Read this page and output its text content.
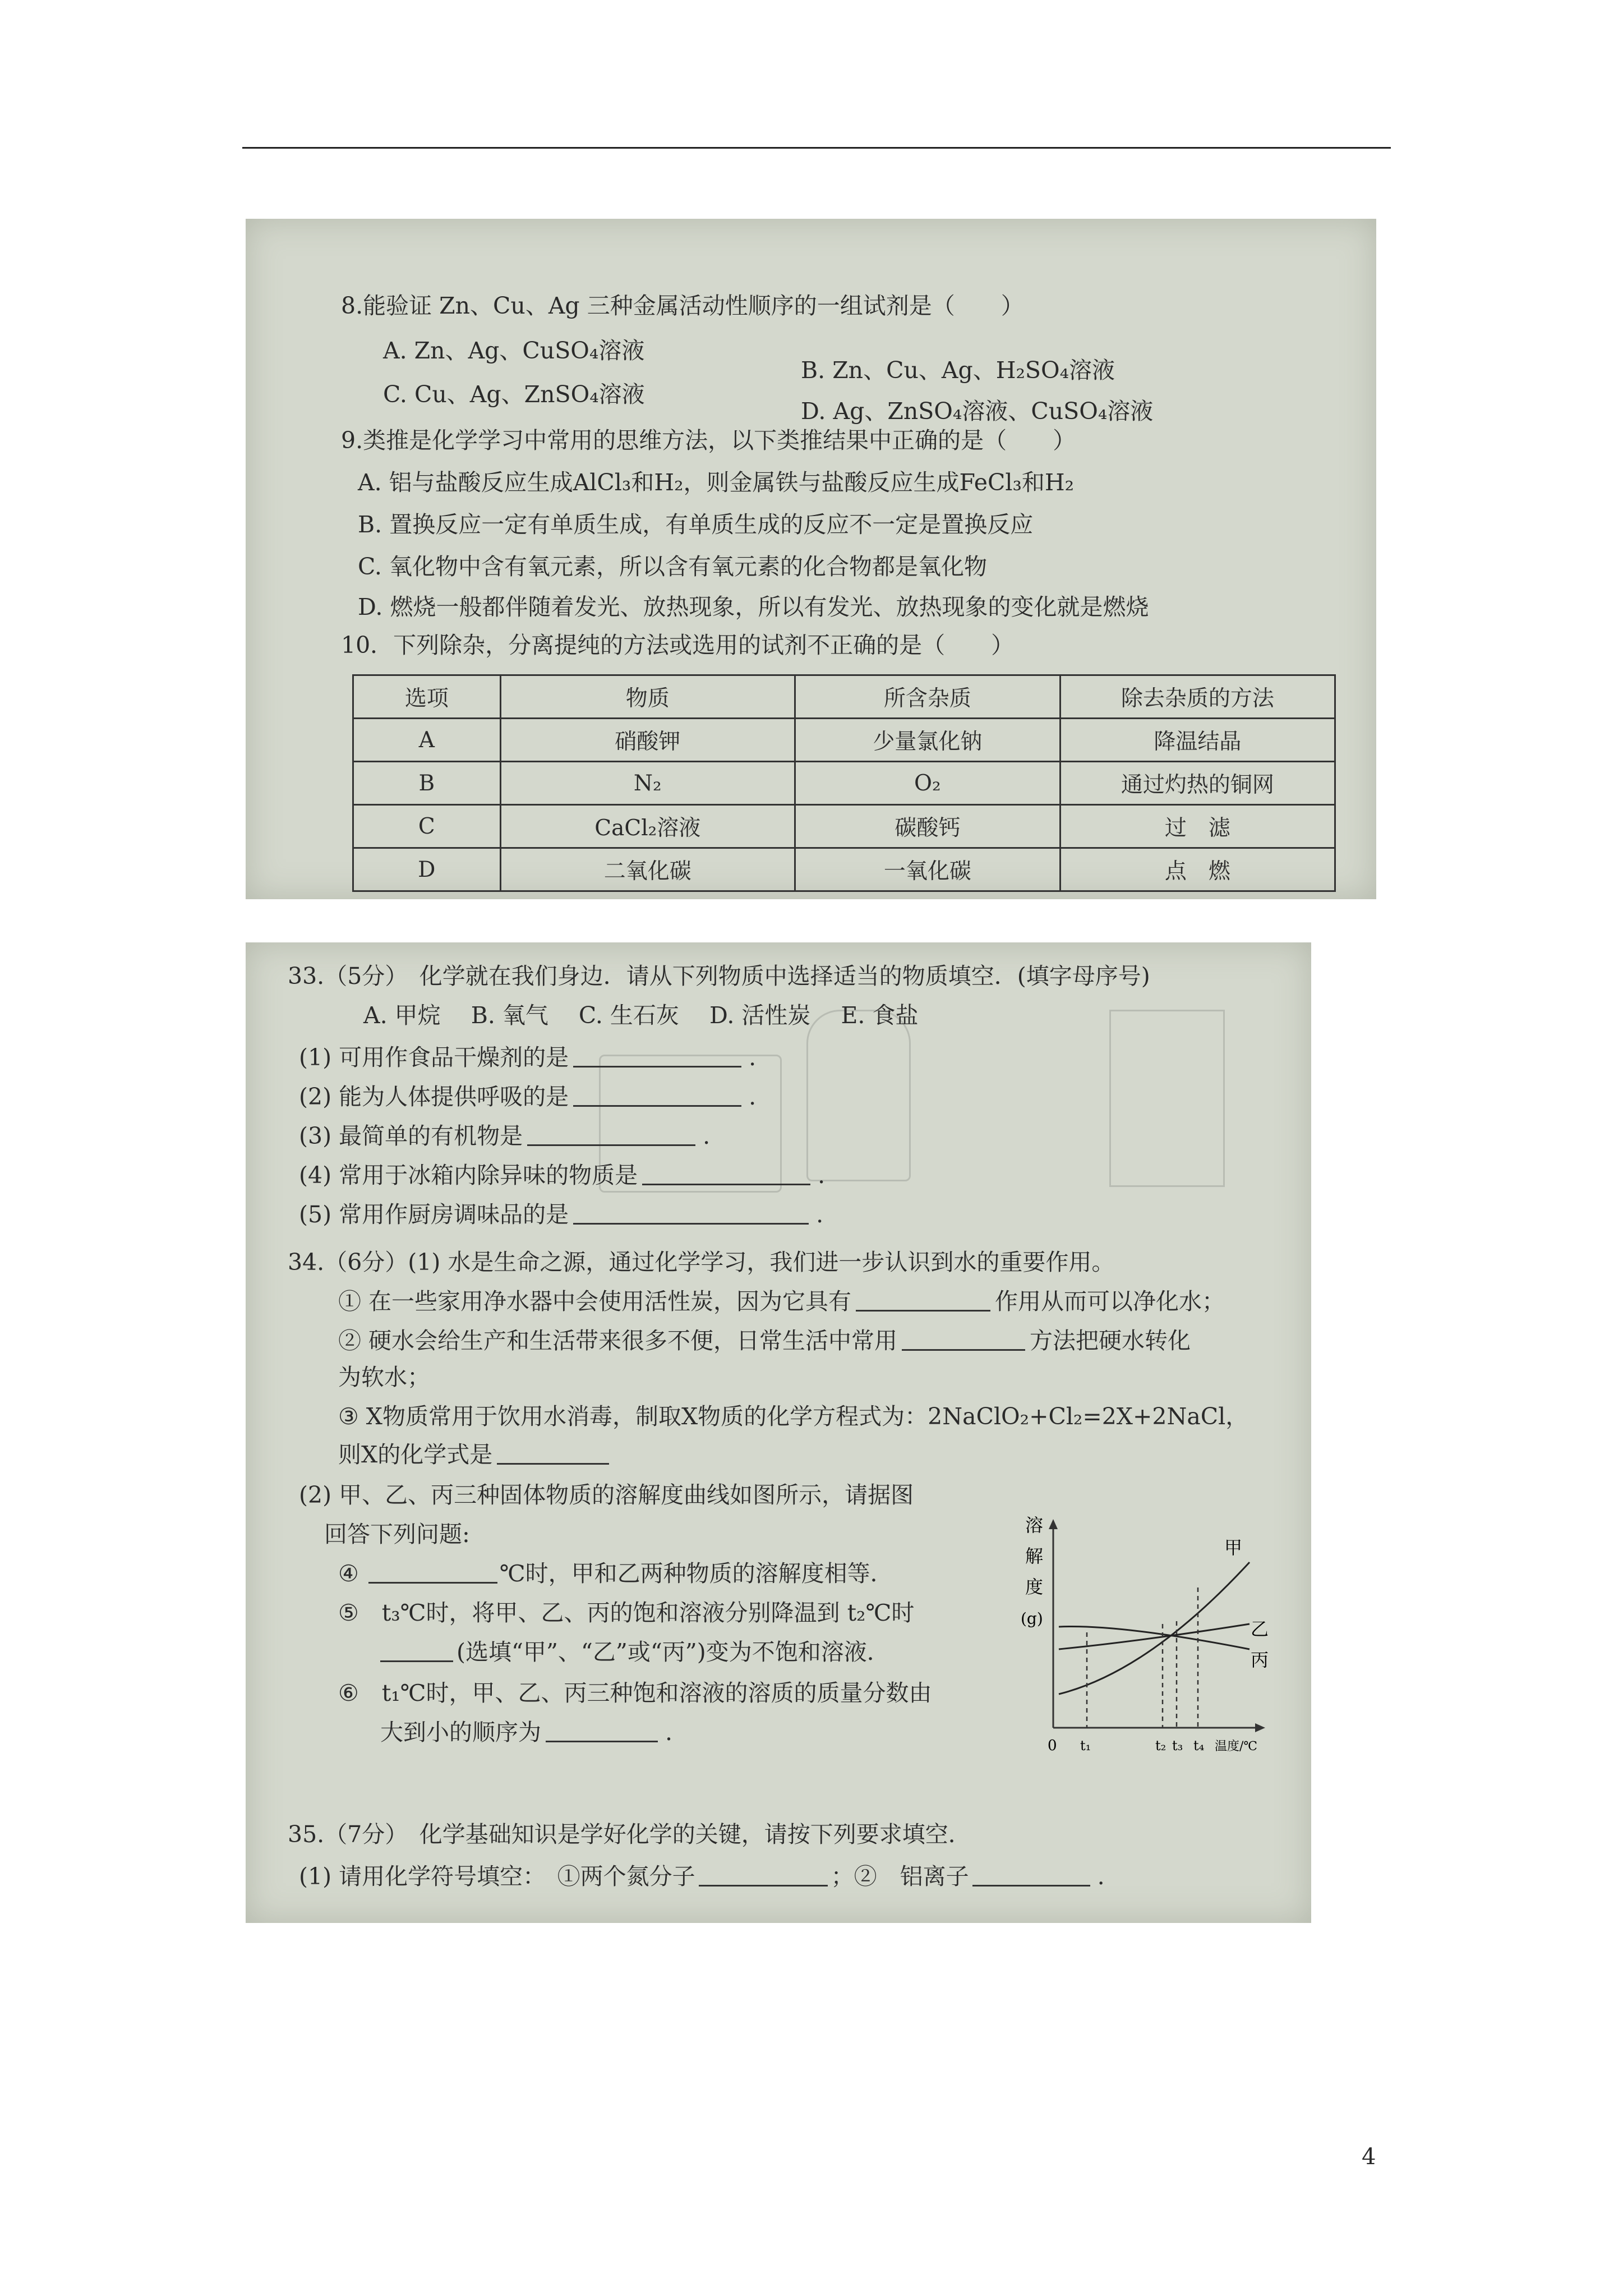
8.能验证 Zn、Cu、Ag 三种金属活动性顺序的一组试剂是（　　）
A. Zn、Ag、CuSO₄溶液
B. Zn、Cu、Ag、H₂SO₄溶液
C. Cu、Ag、ZnSO₄溶液
D. Ag、ZnSO₄溶液、CuSO₄溶液
9.类推是化学学习中常用的思维方法，以下类推结果中正确的是（　　）
A. 铝与盐酸反应生成AlCl₃和H₂，则金属铁与盐酸反应生成FeCl₃和H₂
B. 置换反应一定有单质生成，有单质生成的反应不一定是置换反应
C. 氧化物中含有氧元素，所以含有氧元素的化合物都是氧化物
D. 燃烧一般都伴随着发光、放热现象，所以有发光、放热现象的变化就是燃烧
10．下列除杂，分离提纯的方法或选用的试剂不正确的是（　　）
选项	物质	所含杂质	除去杂质的方法
A	硝酸钾	少量氯化钠	降温结晶
B	N₂	O₂	通过灼热的铜网
C	CaCl₂溶液	碳酸钙	过　滤
D	二氧化碳	一氧化碳	点　燃
33.（5分）　化学就在我们身边．请从下列物质中选择适当的物质填空．(填字母序号)
A. 甲烷　 B. 氧气　 C. 生石灰　 D. 活性炭　 E. 食盐
(1) 可用作食品干燥剂的是	.
(2) 能为人体提供呼吸的是	.
(3) 最简单的有机物是	.
(4) 常用于冰箱内除异味的物质是	.
(5) 常用作厨房调味品的是	.
34.（6分）(1) 水是生命之源，通过化学学习，我们进一步认识到水的重要作用。
① 在一些家用净水器中会使用活性炭，因为它具有	作用从而可以净化水；
② 硬水会给生产和生活带来很多不便，日常生活中常用	方法把硬水转化
为软水；
③ X物质常用于饮用水消毒，制取X物质的化学方程式为：2NaClO₂+Cl₂=2X+2NaCl，
则X的化学式是
(2) 甲、乙、丙三种固体物质的溶解度曲线如图所示，请据图
回答下列问题:
④	℃时，甲和乙两种物质的溶解度相等．
⑤　t₃℃时，将甲、乙、丙的饱和溶液分别降温到 t₂℃时
(选填“甲”、“乙”或“丙”)变为不饱和溶液．
⑥　t₁℃时，甲、乙、丙三种饱和溶液的溶质的质量分数由
大到小的顺序为	.
溶
解
度
(g)
0 t₁	t₂ t₃ t₄ 温度/℃
甲
乙
丙
35.（7分）　化学基础知识是学好化学的关键，请按下列要求填空．
(1) 请用化学符号填空：　①两个氮分子	；②　铝离子	.
4
